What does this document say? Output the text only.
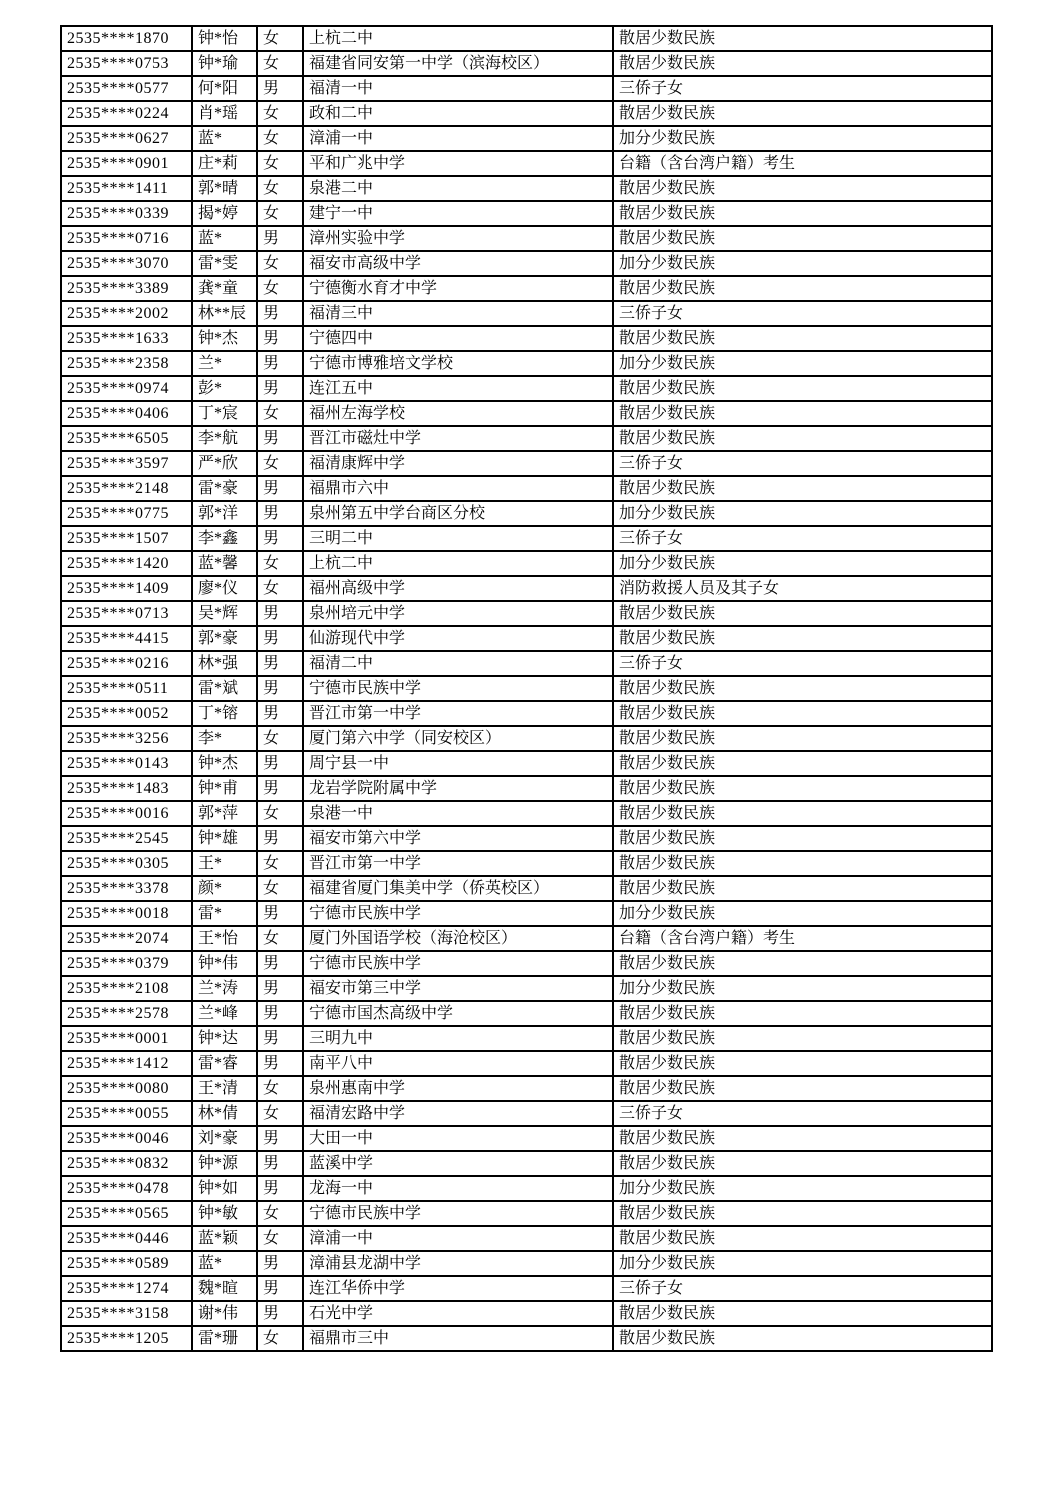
2535****1870	钟*怡	女	上杭二中	散居少数民族
2535****0753	钟*瑜	女	福建省同安第一中学（滨海校区）	散居少数民族
2535****0577	何*阳	男	福清一中	三侨子女
2535****0224	肖*瑶	女	政和二中	散居少数民族
2535****0627	蓝*	女	漳浦一中	加分少数民族
2535****0901	庄*莉	女	平和广兆中学	台籍（含台湾户籍）考生
2535****1411	郭*晴	女	泉港二中	散居少数民族
2535****0339	揭*婷	女	建宁一中	散居少数民族
2535****0716	蓝*	男	漳州实验中学	散居少数民族
2535****3070	雷*雯	女	福安市高级中学	加分少数民族
2535****3389	龚*童	女	宁德衡水育才中学	散居少数民族
2535****2002	林**辰	男	福清三中	三侨子女
2535****1633	钟*杰	男	宁德四中	散居少数民族
2535****2358	兰*	男	宁德市博雅培文学校	加分少数民族
2535****0974	彭*	男	连江五中	散居少数民族
2535****0406	丁*宸	女	福州左海学校	散居少数民族
2535****6505	李*航	男	晋江市磁灶中学	散居少数民族
2535****3597	严*欣	女	福清康辉中学	三侨子女
2535****2148	雷*豪	男	福鼎市六中	散居少数民族
2535****0775	郭*洋	男	泉州第五中学台商区分校	加分少数民族
2535****1507	李*鑫	男	三明二中	三侨子女
2535****1420	蓝*馨	女	上杭二中	加分少数民族
2535****1409	廖*仪	女	福州高级中学	消防救援人员及其子女
2535****0713	吴*辉	男	泉州培元中学	散居少数民族
2535****4415	郭*豪	男	仙游现代中学	散居少数民族
2535****0216	林*强	男	福清二中	三侨子女
2535****0511	雷*斌	男	宁德市民族中学	散居少数民族
2535****0052	丁*镕	男	晋江市第一中学	散居少数民族
2535****3256	李*	女	厦门第六中学（同安校区）	散居少数民族
2535****0143	钟*杰	男	周宁县一中	散居少数民族
2535****1483	钟*甫	男	龙岩学院附属中学	散居少数民族
2535****0016	郭*萍	女	泉港一中	散居少数民族
2535****2545	钟*雄	男	福安市第六中学	散居少数民族
2535****0305	王*	女	晋江市第一中学	散居少数民族
2535****3378	颜*	女	福建省厦门集美中学（侨英校区）	散居少数民族
2535****0018	雷*	男	宁德市民族中学	加分少数民族
2535****2074	王*怡	女	厦门外国语学校（海沧校区）	台籍（含台湾户籍）考生
2535****0379	钟*伟	男	宁德市民族中学	散居少数民族
2535****2108	兰*涛	男	福安市第三中学	加分少数民族
2535****2578	兰*峰	男	宁德市国杰高级中学	散居少数民族
2535****0001	钟*达	男	三明九中	散居少数民族
2535****1412	雷*睿	男	南平八中	散居少数民族
2535****0080	王*清	女	泉州惠南中学	散居少数民族
2535****0055	林*倩	女	福清宏路中学	三侨子女
2535****0046	刘*豪	男	大田一中	散居少数民族
2535****0832	钟*源	男	蓝溪中学	散居少数民族
2535****0478	钟*如	男	龙海一中	加分少数民族
2535****0565	钟*敏	女	宁德市民族中学	散居少数民族
2535****0446	蓝*颖	女	漳浦一中	散居少数民族
2535****0589	蓝*	男	漳浦县龙湖中学	加分少数民族
2535****1274	魏*暄	男	连江华侨中学	三侨子女
2535****3158	谢*伟	男	石光中学	散居少数民族
2535****1205	雷*珊	女	福鼎市三中	散居少数民族
